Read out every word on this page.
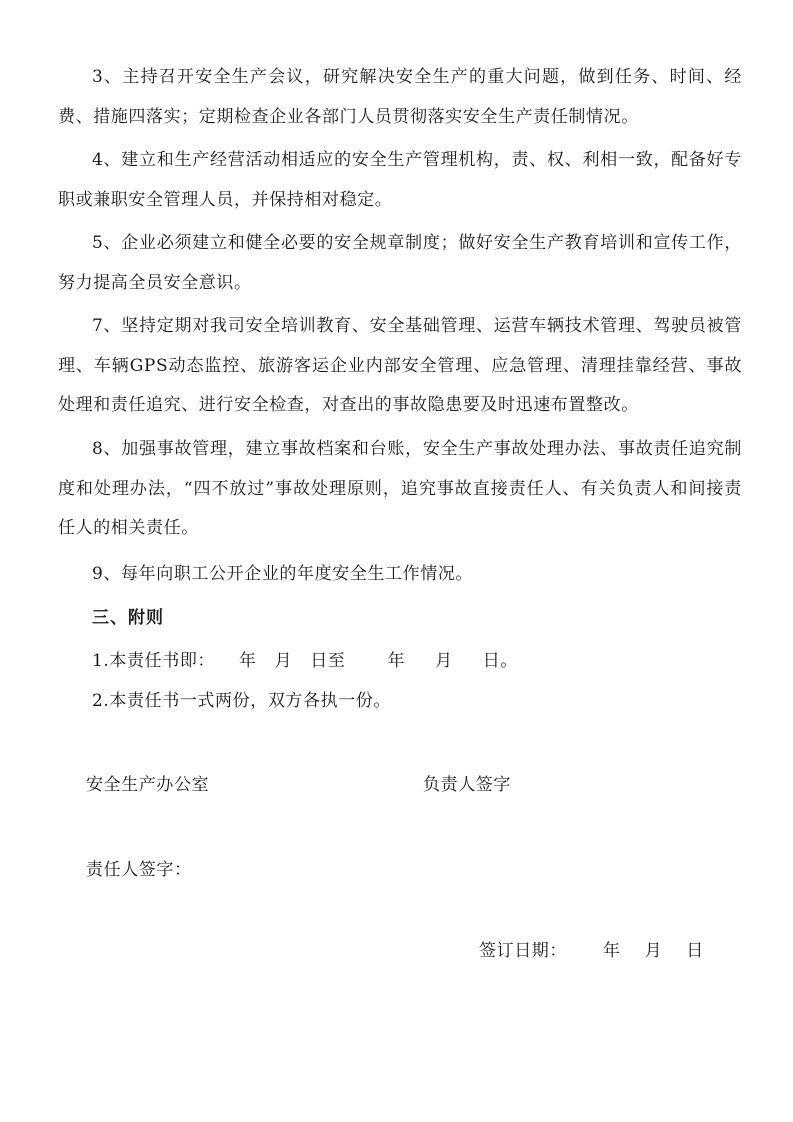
3、主持召开安全生产会议，研究解决安全生产的重大问题，做到任务、时间、经费、措施四落实；定期检查企业各部门人员贯彻落实安全生产责任制情况。

4、建立和生产经营活动相适应的安全生产管理机构，责、权、利相一致，配备好专职或兼职安全管理人员，并保持相对稳定。

5、企业必须建立和健全必要的安全规章制度；做好安全生产教育培训和宣传工作，努力提高全员安全意识。

7、坚持定期对我司安全培训教育、安全基础管理、运营车辆技术管理、驾驶员被管理、车辆GPS动态监控、旅游客运企业内部安全管理、应急管理、清理挂靠经营、事故处理和责任追究、进行安全检查，对查出的事故隐患要及时迅速布置整改。

8、加强事故管理，建立事故档案和台账，安全生产事故处理办法、事故责任追究制度和处理办法，“四不放过”事故处理原则，追究事故直接责任人、有关负责人和间接责任人的相关责任。

9、每年向职工公开企业的年度安全生工作情况。

三、附则

1.本责任书即：    年   月   日至       年     月     日。

2.本责任书一式两份，双方各执一份。

安全生产办公室	负责人签字

责任人签字：

签订日期：      年    月    日
